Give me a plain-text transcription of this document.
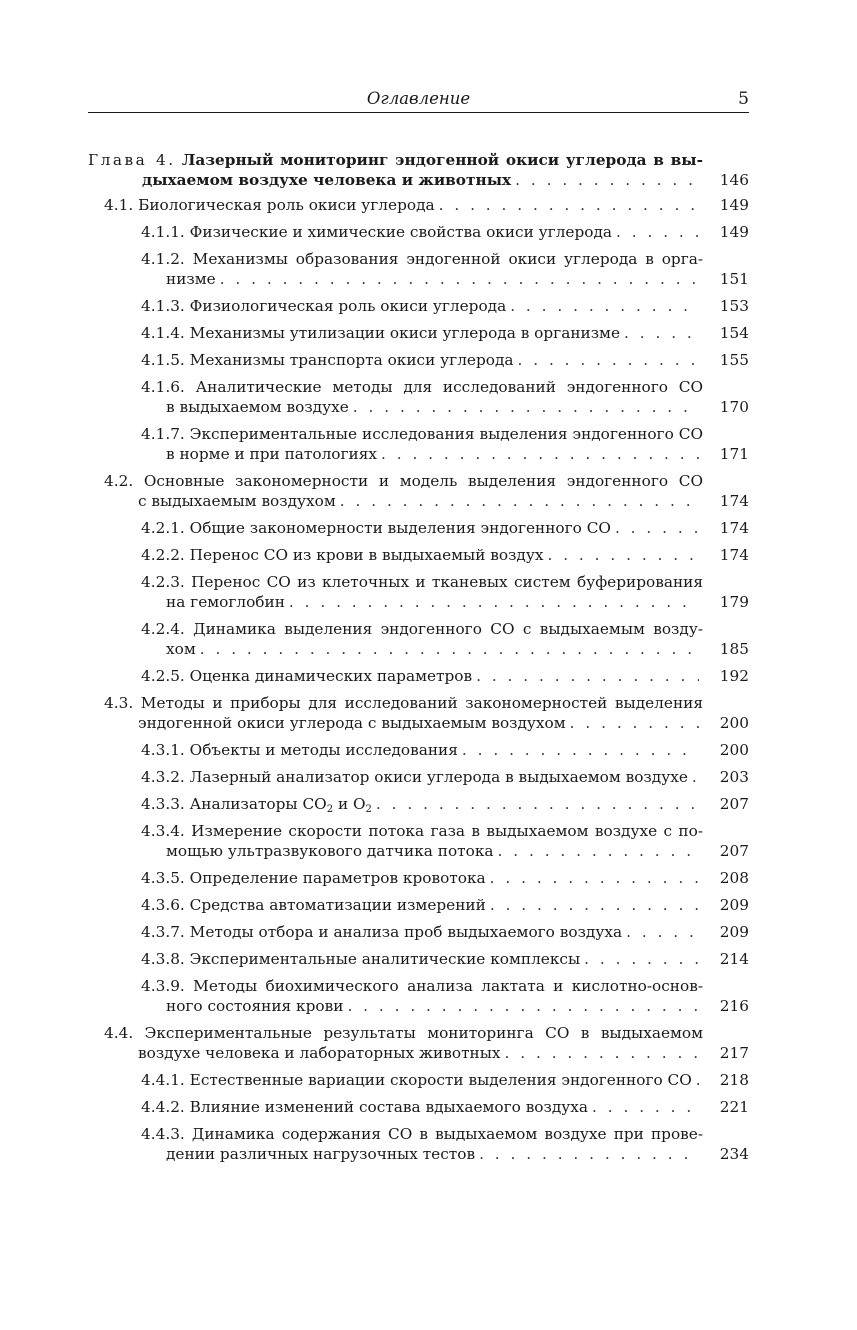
Оглавление	5
Глава 4. Лазерный мониторинг эндогенной окиси углерода в вы-
дыхаемом воздухе человека и животных . . .	146
4.1. Биологическая роль окиси углерода . . .	149
4.1.1. Физические и химические свойства окиси углерода . . .	149
4.1.2. Механизмы образования эндогенной окиси углерода в орга-
низме . . .	151
4.1.3. Физиологическая роль окиси углерода . . .	153
4.1.4. Механизмы утилизации окиси углерода в организме . . .	154
4.1.5. Механизмы транспорта окиси углерода . . .	155
4.1.6. Аналитические методы для исследований эндогенного СО
в выдыхаемом воздухе . . .	170
4.1.7. Экспериментальные исследования выделения эндогенного СО
в норме и при патологиях . . .	171
4.2. Основные закономерности и модель выделения эндогенного СО
с выдыхаемым воздухом . . .	174
4.2.1. Общие закономерности выделения эндогенного СО . . .	174
4.2.2. Перенос СО из крови в выдыхаемый воздух . . .	174
4.2.3. Перенос СО из клеточных и тканевых систем буферирования
на гемоглобин . . .	179
4.2.4. Динамика выделения эндогенного СО с выдыхаемым возду-
хом . . .	185
4.2.5. Оценка динамических параметров . . .	192
4.3. Методы и приборы для исследований закономерностей выделения
эндогенной окиси углерода с выдыхаемым воздухом . . .	200
4.3.1. Объекты и методы исследования . . .	200
4.3.2. Лазерный анализатор окиси углерода в выдыхаемом воздухе . . .	203
4.3.3. Анализаторы $CO_2$ и $O_2$ . . .	207
4.3.4. Измерение скорости потока газа в выдыхаемом воздухе с по-
мощью ультразвукового датчика потока . . .	207
4.3.5. Определение параметров кровотока . . .	208
4.3.6. Средства автоматизации измерений . . .	209
4.3.7. Методы отбора и анализа проб выдыхаемого воздуха . . .	209
4.3.8. Экспериментальные аналитические комплексы . . .	214
4.3.9. Методы биохимического анализа лактата и кислотно-основ-
ного состояния крови . . .	216
4.4. Экспериментальные результаты мониторинга СО в выдыхаемом
воздухе человека и лабораторных животных . . .	217
4.4.1. Естественные вариации скорости выделения эндогенного СО . . .	218
4.4.2. Влияние изменений состава вдыхаемого воздуха . . .	221
4.4.3. Динамика содержания СО в выдыхаемом воздухе при прове-
дении различных нагрузочных тестов . . .	234
